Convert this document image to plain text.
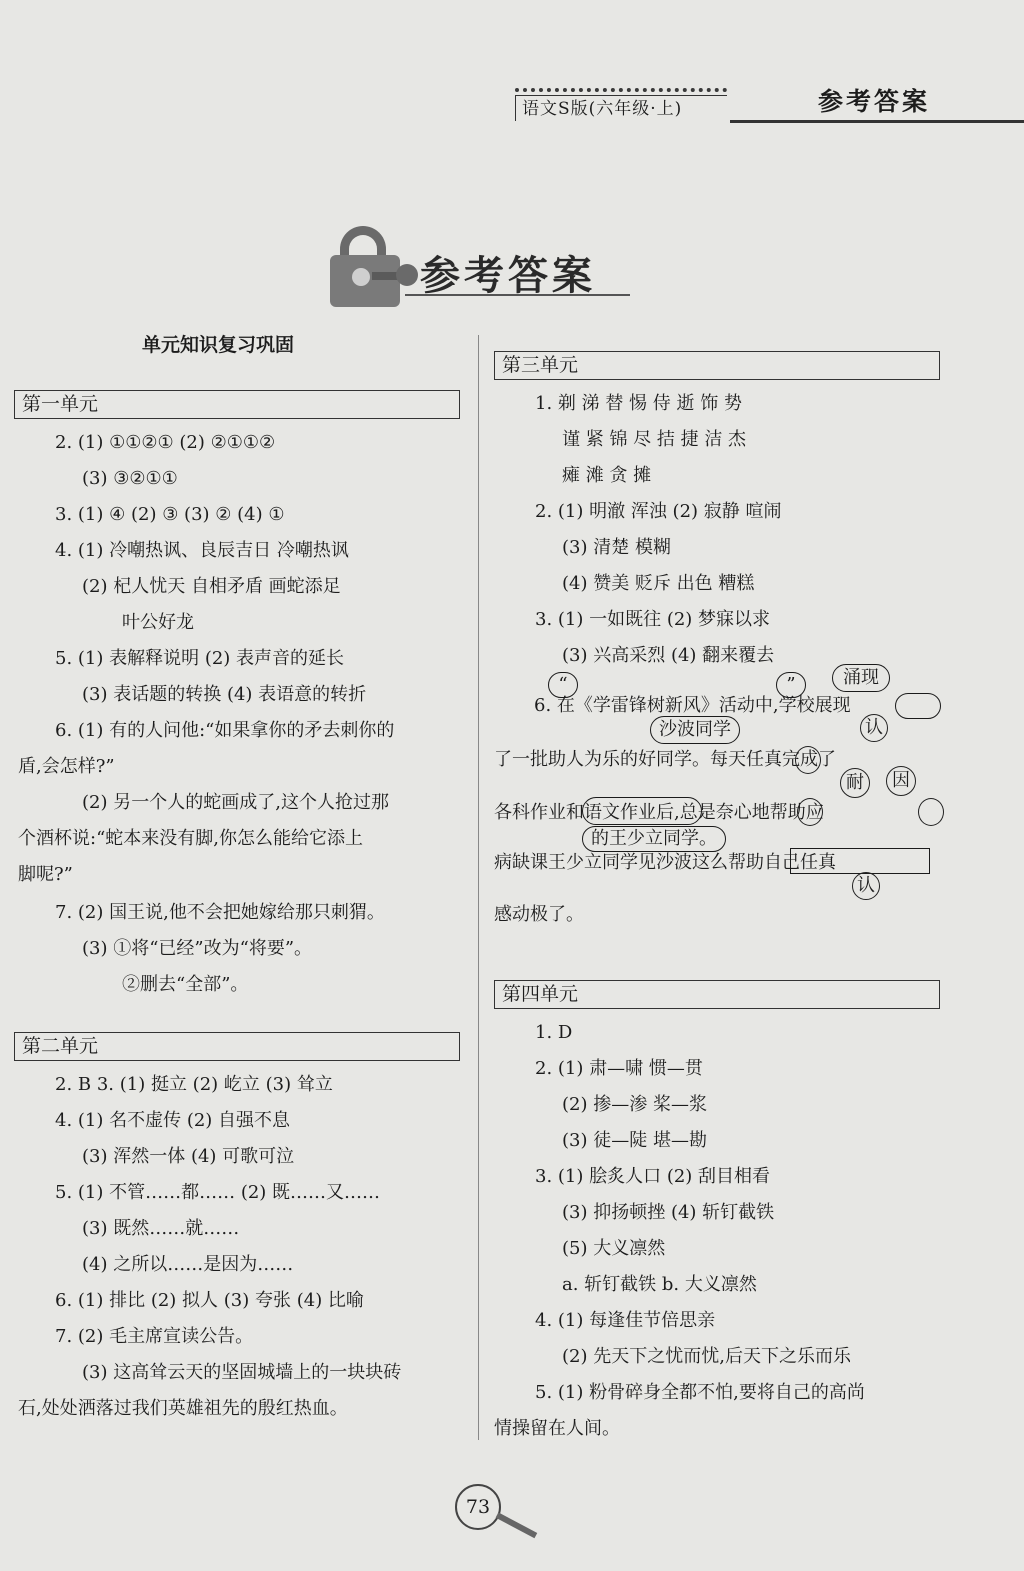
语文S版(六年级·上)	参考答案
参考答案
单元知识复习巩固
第一单元
2. (1) ①①②① (2) ②①①②
(3) ③②①①
3. (1) ④ (2) ③ (3) ② (4) ①
4. (1) 冷嘲热讽、良辰吉日 冷嘲热讽
(2) 杞人忧天 自相矛盾 画蛇添足
叶公好龙
5. (1) 表解释说明 (2) 表声音的延长
(3) 表话题的转换 (4) 表语意的转折
6. (1) 有的人问他:“如果拿你的矛去刺你的
盾,会怎样?”
(2) 另一个人的蛇画成了,这个人抢过那
个酒杯说:“蛇本来没有脚,你怎么能给它添上
脚呢?”
7. (2) 国王说,他不会把她嫁给那只刺猬。
(3) ①将“已经”改为“将要”。
②删去“全部”。
第二单元
2. B 3. (1) 挺立 (2) 屹立 (3) 耸立
4. (1) 名不虚传 (2) 自强不息
(3) 浑然一体 (4) 可歌可泣
5. (1) 不管……都…… (2) 既……又……
(3) 既然……就……
(4) 之所以……是因为……
6. (1) 排比 (2) 拟人 (3) 夸张 (4) 比喻
7. (2) 毛主席宣读公告。
(3) 这高耸云天的坚固城墙上的一块块砖
石,处处洒落过我们英雄祖先的殷红热血。
第三单元
1. 剃 涕 替 惕 侍 逝 饰 势
谨 紧 锦 尽 拮 捷 洁 杰
瘫 滩 贪 摊
2. (1) 明澈 浑浊 (2) 寂静 喧闹
(3) 清楚 模糊
(4) 赞美 贬斥 出色 糟糕
3. (1) 一如既往 (2) 梦寐以求
(3) 兴高采烈 (4) 翻来覆去
6. 在《学雷锋树新风》活动中,学校展现
了一批助人为乐的好同学。每天任真完成了
各科作业和语文作业后,总是奈心地帮助应
病缺课王少立同学见沙波这么帮助自己任真
感动极了。
“	”	涌现
沙波同学	认
耐	因
的王少立同学。
认
第四单元
1. D
2. (1) 肃—啸 惯—贯
(2) 掺—渗 桨—浆
(3) 徒—陡 堪—勘
3. (1) 脍炙人口 (2) 刮目相看
(3) 抑扬顿挫 (4) 斩钉截铁
(5) 大义凛然
a. 斩钉截铁 b. 大义凛然
4. (1) 每逢佳节倍思亲
(2) 先天下之忧而忧,后天下之乐而乐
5. (1) 粉骨碎身全都不怕,要将自己的高尚
情操留在人间。
73
